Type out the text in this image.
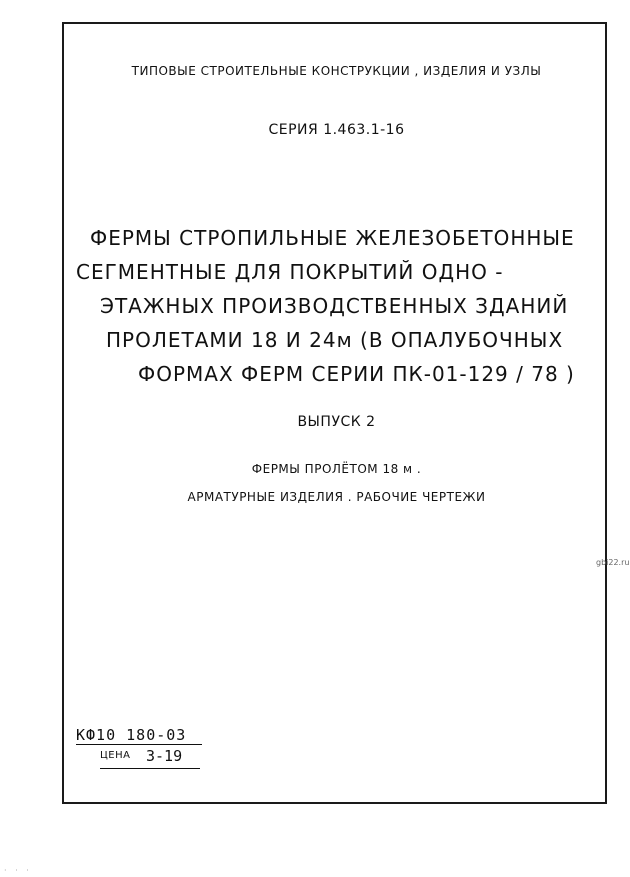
ТИПОВЫЕ СТРОИТЕЛЬНЫЕ КОНСТРУКЦИИ , ИЗДЕЛИЯ И УЗЛЫ
СЕРИЯ 1.463.1-16
ФЕРМЫ СТРОПИЛЬНЫЕ ЖЕЛЕЗОБЕТОННЫЕ
СЕГМЕНТНЫЕ ДЛЯ ПОКРЫТИЙ ОДНО -
ЭТАЖНЫХ ПРОИЗВОДСТВЕННЫХ ЗДАНИЙ
ПРОЛЕТАМИ 18 И 24м (В ОПАЛУБОЧНЫХ
ФОРМАХ ФЕРМ СЕРИИ ПК-01-129 / 78 )
ВЫПУСК 2
ФЕРМЫ ПРОЛЁТОМ 18 м .
АРМАТУРНЫЕ ИЗДЕЛИЯ . РАБОЧИЕ ЧЕРТЕЖИ
gbi22.ru
КФ10 180-03
ЦЕНА 3-19
· · ·
